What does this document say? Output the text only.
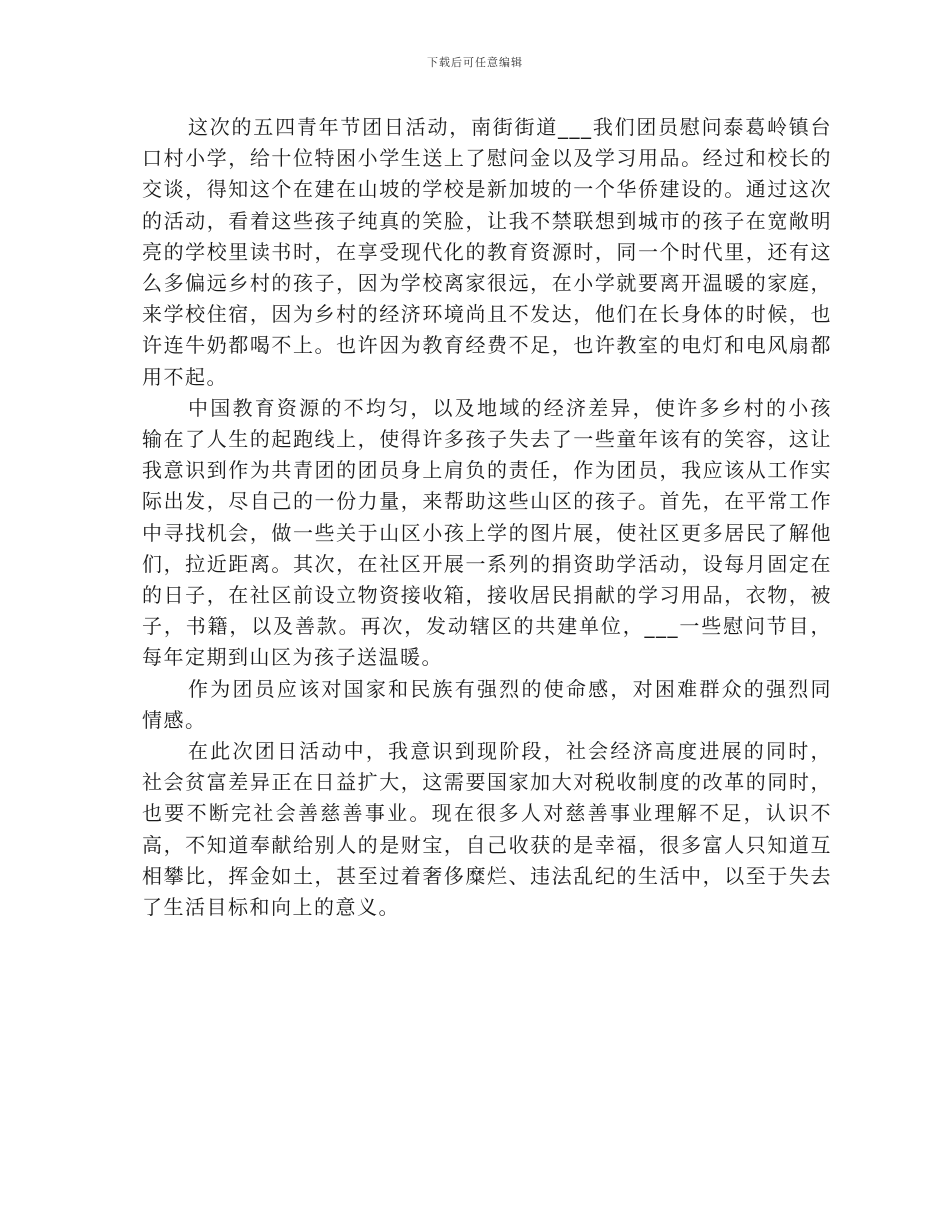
下载后可任意编辑

这次的五四青年节团日活动，南街街道___我们团员慰问泰葛岭镇台口村小学，给十位特困小学生送上了慰问金以及学习用品。经过和校长的交谈，得知这个在建在山坡的学校是新加坡的一个华侨建设的。通过这次的活动，看着这些孩子纯真的笑脸，让我不禁联想到城市的孩子在宽敞明亮的学校里读书时，在享受现代化的教育资源时，同一个时代里，还有这么多偏远乡村的孩子，因为学校离家很远，在小学就要离开温暖的家庭，来学校住宿，因为乡村的经济环境尚且不发达，他们在长身体的时候，也许连牛奶都喝不上。也许因为教育经费不足，也许教室的电灯和电风扇都用不起。

中国教育资源的不均匀，以及地域的经济差异，使许多乡村的小孩输在了人生的起跑线上，使得许多孩子失去了一些童年该有的笑容，这让我意识到作为共青团的团员身上肩负的责任，作为团员，我应该从工作实际出发，尽自己的一份力量，来帮助这些山区的孩子。首先，在平常工作中寻找机会，做一些关于山区小孩上学的图片展，使社区更多居民了解他们，拉近距离。其次，在社区开展一系列的捐资助学活动，设每月固定在的日子，在社区前设立物资接收箱，接收居民捐献的学习用品，衣物，被子，书籍，以及善款。再次，发动辖区的共建单位，___一些慰问节目，每年定期到山区为孩子送温暖。

作为团员应该对国家和民族有强烈的使命感，对困难群众的强烈同情感。

在此次团日活动中，我意识到现阶段，社会经济高度进展的同时，社会贫富差异正在日益扩大，这需要国家加大对税收制度的改革的同时，也要不断完社会善慈善事业。现在很多人对慈善事业理解不足，认识不高，不知道奉献给别人的是财宝，自己收获的是幸福，很多富人只知道互相攀比，挥金如土，甚至过着奢侈糜烂、违法乱纪的生活中，以至于失去了生活目标和向上的意义。
